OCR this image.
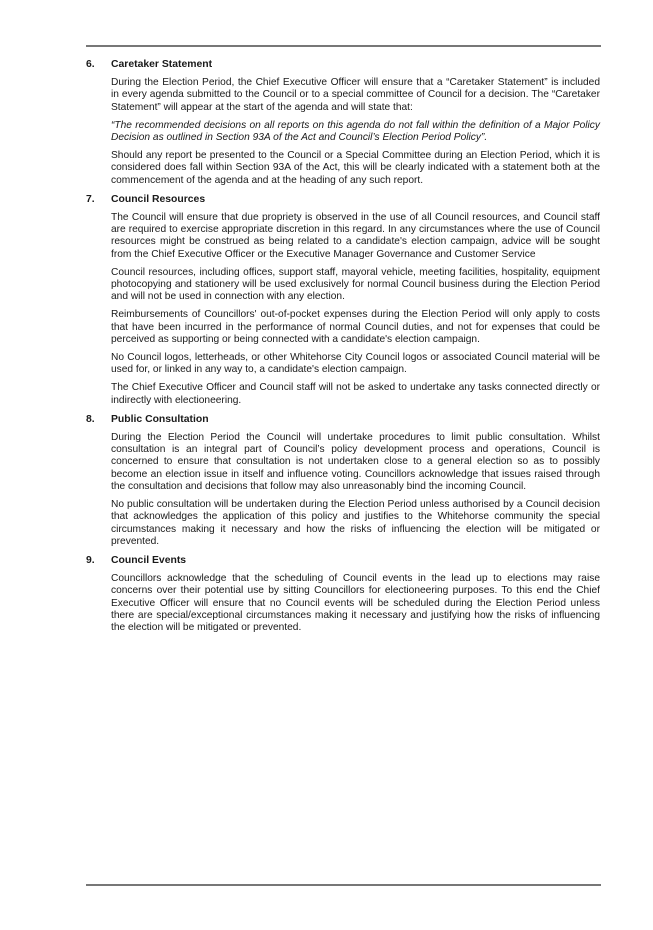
6.	Caretaker Statement

During the Election Period, the Chief Executive Officer will ensure that a “Caretaker Statement” is included in every agenda submitted to the Council or to a special committee of Council for a decision. The “Caretaker Statement” will appear at the start of the agenda and will state that:

“The recommended decisions on all reports on this agenda do not fall within the definition of a Major Policy Decision as outlined in Section 93A of the Act and Council’s Election Period Policy”.

Should any report be presented to the Council or a Special Committee during an Election Period, which it is considered does fall within Section 93A of the Act, this will be clearly indicated with a statement both at the commencement of the agenda and at the heading of any such report.

7.	Council Resources

The Council will ensure that due propriety is observed in the use of all Council resources, and Council staff are required to exercise appropriate discretion in this regard. In any circumstances where the use of Council resources might be construed as being related to a candidate's election campaign, advice will be sought from the Chief Executive Officer or the Executive Manager Governance and Customer Service

Council resources, including offices, support staff, mayoral vehicle, meeting facilities, hospitality, equipment photocopying and stationery will be used exclusively for normal Council business during the Election Period and will not be used in connection with any election.

Reimbursements of Councillors' out-of-pocket expenses during the Election Period will only apply to costs that have been incurred in the performance of normal Council duties, and not for expenses that could be perceived as supporting or being connected with a candidate's election campaign.

No Council logos, letterheads, or other Whitehorse City Council logos or associated Council material will be used for, or linked in any way to, a candidate's election campaign.

The Chief Executive Officer and Council staff will not be asked to undertake any tasks connected directly or indirectly with electioneering.

8.	Public Consultation

During the Election Period the Council will undertake procedures to limit public consultation. Whilst consultation is an integral part of Council’s policy development process and operations, Council is concerned to ensure that consultation is not undertaken close to a general election so as to possibly become an election issue in itself and influence voting. Councillors acknowledge that issues raised through the consultation and decisions that follow may also unreasonably bind the incoming Council.

No public consultation will be undertaken during the Election Period unless authorised by a Council decision that acknowledges the application of this policy and justifies to the Whitehorse community the special circumstances making it necessary and how the risks of influencing the election will be mitigated or prevented.

9.	Council Events

Councillors acknowledge that the scheduling of Council events in the lead up to elections may raise concerns over their potential use by sitting Councillors for electioneering purposes. To this end the Chief Executive Officer will ensure that no Council events will be scheduled during the Election Period unless there are special/exceptional circumstances making it necessary and justifying how the risks of influencing the election will be mitigated or prevented.
